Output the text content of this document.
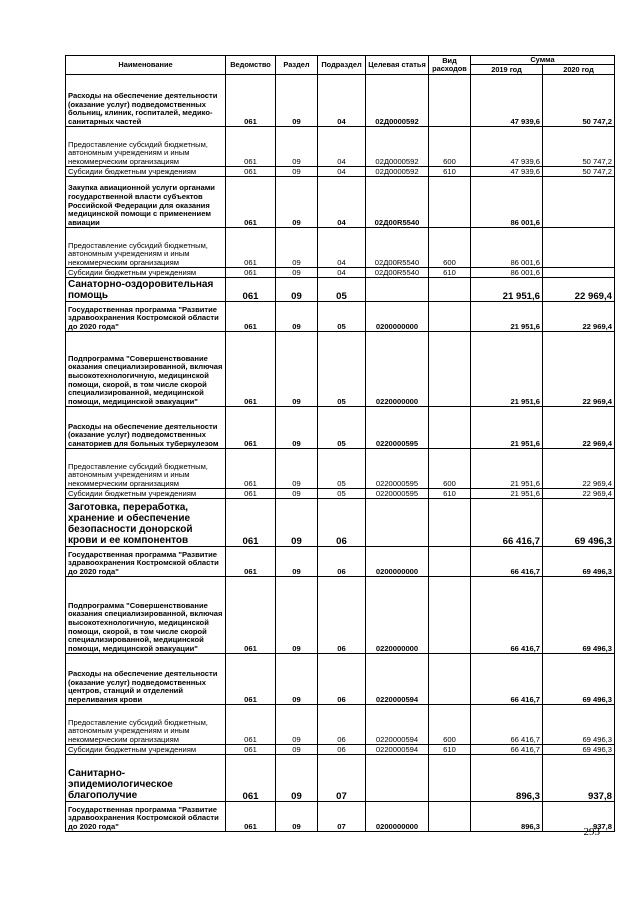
Наименование	Ведомство	Раздел	Подраздел	Целевая статья	Вид расходов	Сумма	
						2019 год	2020 год
Расходы на обеспечение деятельности (оказание услуг) подведомственных больниц, клиник, госпиталей, медико-санитарных частей	061	09	04	02Д0000592		47 939,6	50 747,2
Предоставление субсидий бюджетным, автономным учреждениям и иным некоммерческим организациям	061	09	04	02Д0000592	600	47 939,6	50 747,2
Субсидии бюджетным учреждениям	061	09	04	02Д0000592	610	47 939,6	50 747,2
Закупка авиационной услуги органами государственной власти субъектов Российской Федерации для оказания медицинской помощи с применением авиации	061	09	04	02Д00R5540		86 001,6	
Предоставление субсидий бюджетным, автономным учреждениям и иным некоммерческим организациям	061	09	04	02Д00R5540	600	86 001,6	
Субсидии бюджетным учреждениям	061	09	04	02Д00R5540	610	86 001,6	
Санаторно-оздоровительная помощь	061	09	05			21 951,6	22 969,4
Государственная программа "Развитие здравоохранения Костромской области до 2020 года"	061	09	05	0200000000		21 951,6	22 969,4
Подпрограмма "Совершенствование оказания специализированной, включая высокотехнологичную, медицинской помощи, скорой, в том числе скорой специализированной, медицинской помощи, медицинской эвакуации"	061	09	05	0220000000		21 951,6	22 969,4
Расходы на обеспечение деятельности (оказание услуг) подведомственных санаториев для больных туберкулезом	061	09	05	0220000595		21 951,6	22 969,4
Предоставление субсидий бюджетным, автономным учреждениям и иным некоммерческим организациям	061	09	05	0220000595	600	21 951,6	22 969,4
Субсидии бюджетным учреждениям	061	09	05	0220000595	610	21 951,6	22 969,4
Заготовка, переработка, хранение и обеспечение безопасности донорской крови и ее компонентов	061	09	06			66 416,7	69 496,3
Государственная программа "Развитие здравоохранения Костромской области до 2020 года"	061	09	06	0200000000		66 416,7	69 496,3
Подпрограмма "Совершенствование оказания специализированной, включая высокотехнологичную, медицинской помощи, скорой, в том числе скорой специализированной, медицинской помощи, медицинской эвакуации"	061	09	06	0220000000		66 416,7	69 496,3
Расходы на обеспечение деятельности (оказание услуг) подведомственных центров, станций и отделений переливания крови	061	09	06	0220000594		66 416,7	69 496,3
Предоставление субсидий бюджетным, автономным учреждениям и иным некоммерческим организациям	061	09	06	0220000594	600	66 416,7	69 496,3
Субсидии бюджетным учреждениям	061	09	06	0220000594	610	66 416,7	69 496,3
Санитарно-эпидемиологическое благополучие	061	09	07			896,3	937,8
Государственная программа "Развитие здравоохранения Костромской области до 2020 года"	061	09	07	0200000000		896,3	937,8
293
